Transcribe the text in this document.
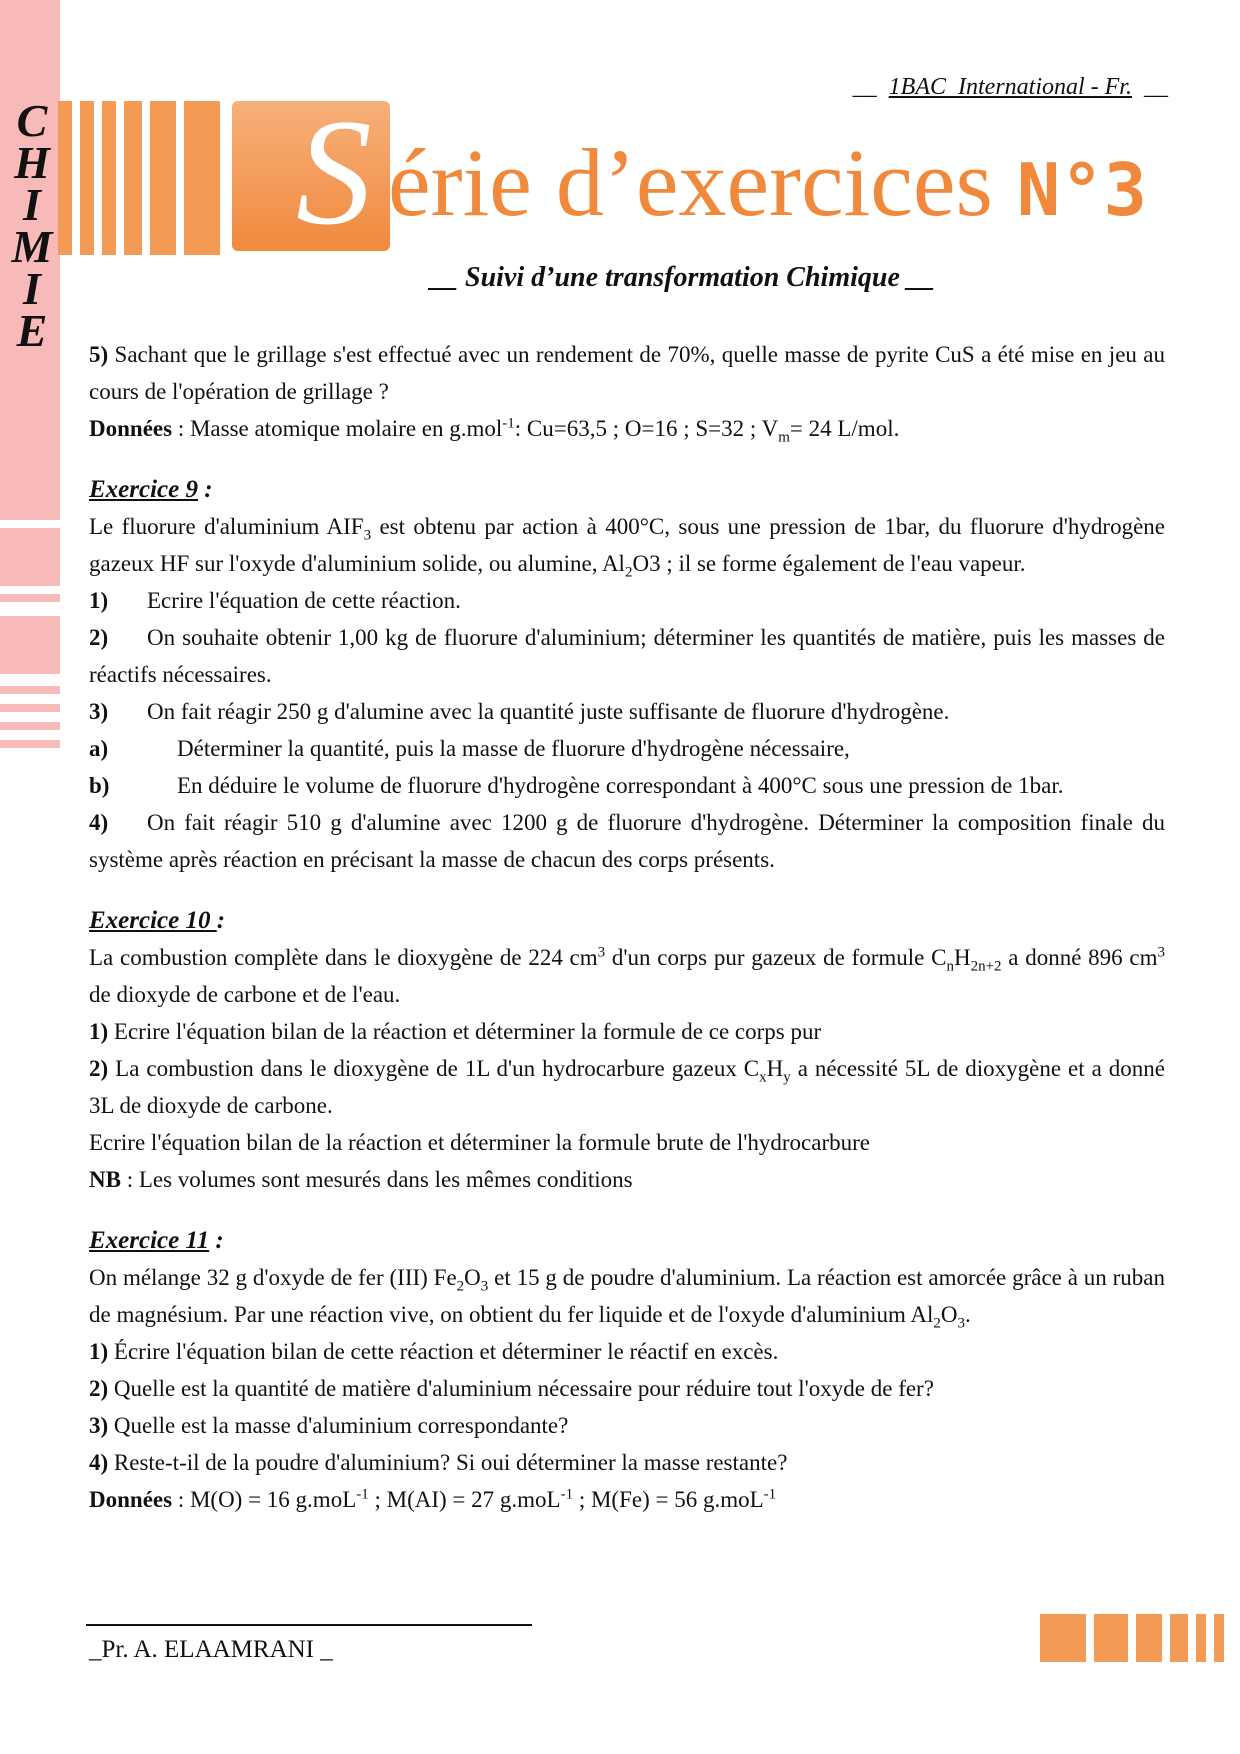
C
H
I
M
I
E
__  1BAC  International - Fr.  __
S érie d’exercices N°3
__ Suivi d’une transformation Chimique __

5) Sachant que le grillage s'est effectué avec un rendement de 70%, quelle masse de pyrite CuS a été mise en jeu au cours de l'opération de grillage ?

Données : Masse atomique molaire en g.mol$^{-1}$: Cu=63,5 ; O=16 ; S=32 ; $V_m= 24$ L/mol.

Exercice 9 :

Le fluorure d'aluminium $AIF_3$ est obtenu par action à 400°C, sous une pression de 1bar, du fluorure d'hydrogène gazeux HF sur l'oxyde d'aluminium solide, ou alumine, $Al_2O3$ ; il se forme également de l'eau vapeur.

1) Ecrire l'équation de cette réaction.

2) On souhaite obtenir 1,00 kg de fluorure d'aluminium; déterminer les quantités de matière, puis les masses de réactifs nécessaires.

3) On fait réagir 250 g d'alumine avec la quantité juste suffisante de fluorure d'hydrogène.

a)	Déterminer la quantité, puis la masse de fluorure d'hydrogène nécessaire,

b)	En déduire le volume de fluorure d'hydrogène correspondant à 400°C sous une pression de 1bar.

4) On fait réagir 510 g d'alumine avec 1200 g de fluorure d'hydrogène. Déterminer la composition finale du système après réaction en précisant la masse de chacun des corps présents.

Exercice 10 :

La combustion complète dans le dioxygène de 224 $cm^3$ d'un corps pur gazeux de formule $C_nH_{2n+2}$ a donné 896 $cm^3$ de dioxyde de carbone et de l'eau.

1) Ecrire l'équation bilan de la réaction et déterminer la formule de ce corps pur

2) La combustion dans le dioxygène de 1L d'un hydrocarbure gazeux $C_xH_y$ a nécessité 5L de dioxygène et a donné 3L de dioxyde de carbone.

Ecrire l'équation bilan de la réaction et déterminer la formule brute de l'hydrocarbure

NB : Les volumes sont mesurés dans les mêmes conditions

Exercice 11 :

On mélange 32 g d'oxyde de fer (III) $Fe_2O_3$ et 15 g de poudre d'aluminium. La réaction est amorcée grâce à un ruban de magnésium. Par une réaction vive, on obtient du fer liquide et de l'oxyde d'aluminium $Al_2O_3$.

1) Écrire l'équation bilan de cette réaction et déterminer le réactif en excès.

2) Quelle est la quantité de matière d'aluminium nécessaire pour réduire tout l'oxyde de fer?

3) Quelle est la masse d'aluminium correspondante?

4) Reste-t-il de la poudre d'aluminium? Si oui déterminer la masse restante?

Données : M(O) = 16 g.moL$^{-1}$ ; M(AI) = 27 g.moL$^{-1}$ ; M(Fe) = 56 g.moL$^{-1}$

_Pr. A. ELAAMRANI _
